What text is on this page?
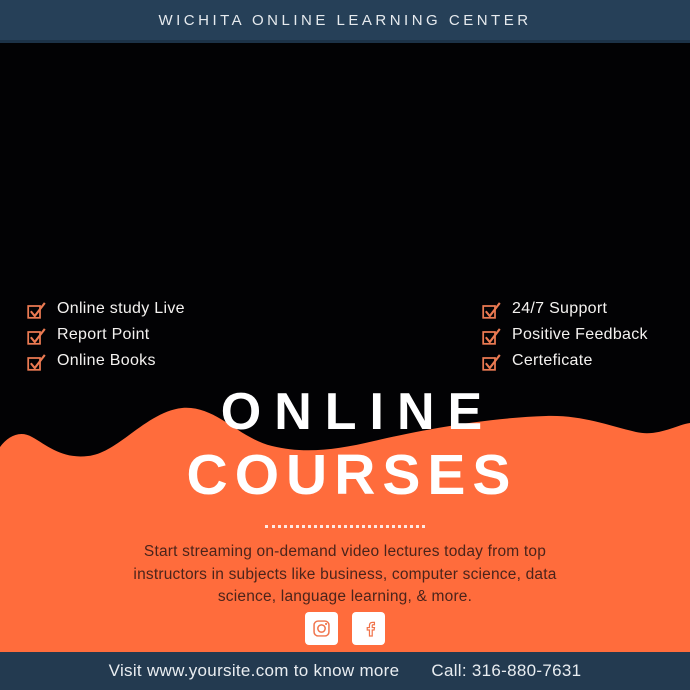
WICHITA ONLINE LEARNING CENTER
Online study Live
Report Point
Online Books
24/7 Support
Positive Feedback
Certeficate
ONLINE
COURSES
Start streaming on-demand video lectures today from top
instructors in subjects like business, computer science, data
science, language learning, & more.
Visit www.yoursite.com to know more Call: 316-880-7631
